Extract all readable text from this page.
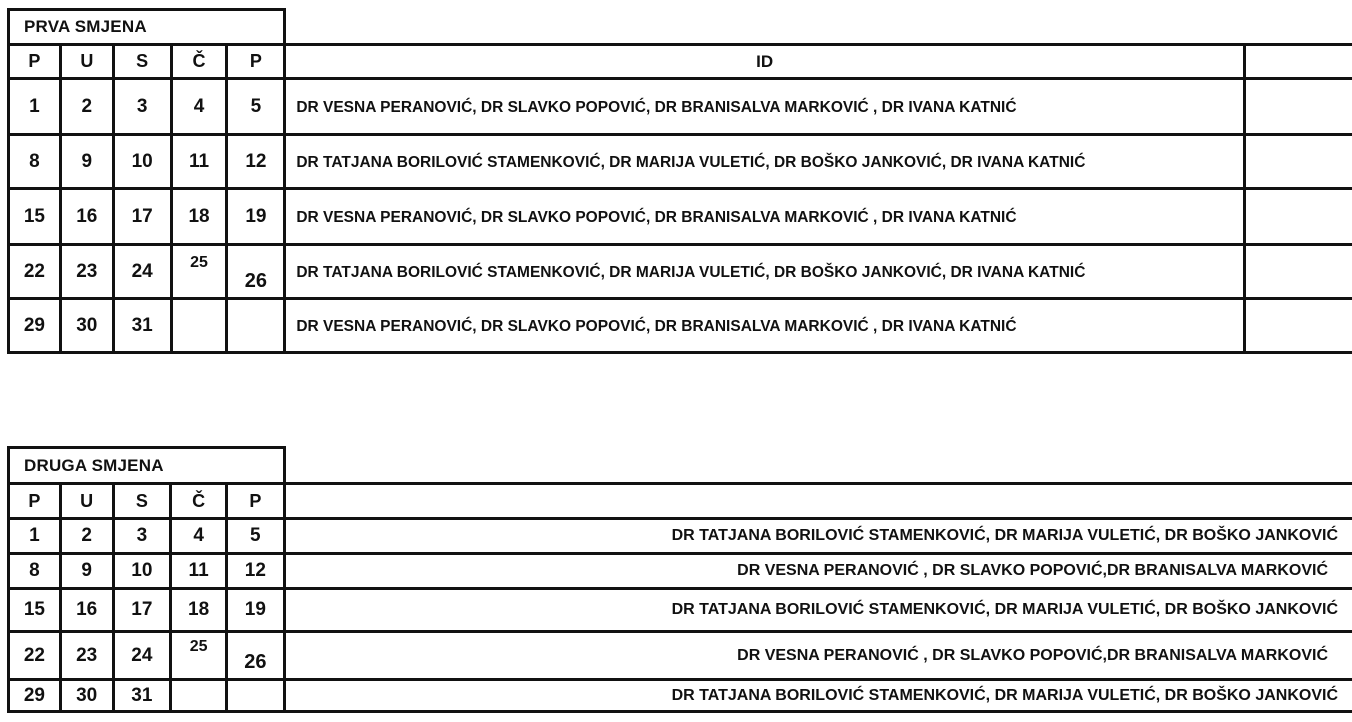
PRVA SMJENA						
P	U	S	Č	P	ID	
1	2	3	4	5	DR VESNA PERANOVIĆ, DR SLAVKO POPOVIĆ, DR BRANISALVA MARKOVIĆ , DR IVANA KATNIĆ	
8	9	10	11	12	DR TATJANA BORILOVIĆ STAMENKOVIĆ, DR MARIJA VULETIĆ, DR BOŠKO JANKOVIĆ, DR IVANA KATNIĆ	
15	16	17	18	19	DR VESNA PERANOVIĆ, DR SLAVKO POPOVIĆ, DR BRANISALVA MARKOVIĆ , DR IVANA KATNIĆ	
22	23	24	25	26	DR TATJANA BORILOVIĆ STAMENKOVIĆ, DR MARIJA VULETIĆ, DR BOŠKO JANKOVIĆ, DR IVANA KATNIĆ	
29	30	31			DR VESNA PERANOVIĆ, DR SLAVKO POPOVIĆ, DR BRANISALVA MARKOVIĆ , DR IVANA KATNIĆ	
DRUGA SMJENA					
P	U	S	Č	P	
1	2	3	4	5	DR TATJANA BORILOVIĆ STAMENKOVIĆ, DR MARIJA VULETIĆ, DR BOŠKO JANKOVIĆ
8	9	10	11	12	DR VESNA PERANOVIĆ , DR SLAVKO POPOVIĆ,DR BRANISALVA MARKOVIĆ
15	16	17	18	19	DR TATJANA BORILOVIĆ STAMENKOVIĆ, DR MARIJA VULETIĆ, DR BOŠKO JANKOVIĆ
22	23	24	25	26	DR VESNA PERANOVIĆ , DR SLAVKO POPOVIĆ,DR BRANISALVA MARKOVIĆ
29	30	31			DR TATJANA BORILOVIĆ STAMENKOVIĆ, DR MARIJA VULETIĆ, DR BOŠKO JANKOVIĆ
